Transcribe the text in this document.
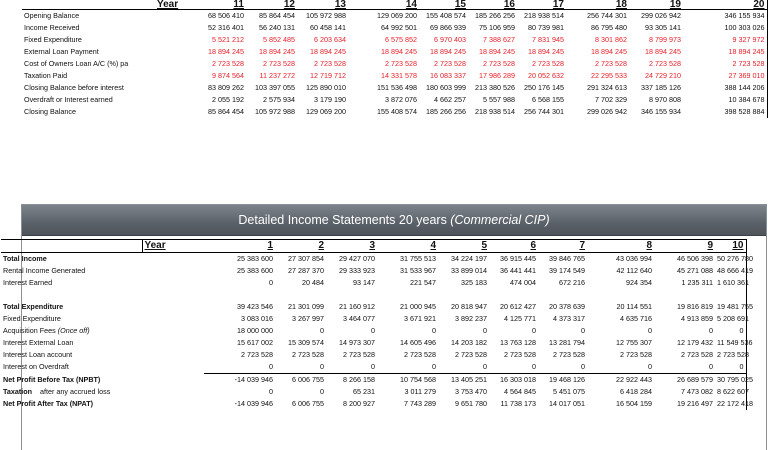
	Year	11	12	13	14	15	16	17	18	19	20
Opening Balance		68 506 410	85 864 454	105 972 988	129 069 200	155 408 574	185 266 256	218 938 514	256 744 301	299 026 942	346 155 934
Income Received		52 316 401	56 240 131	60 458 141	64 992 501	69 866 939	75 106 959	80 739 981	86 795 480	93 305 141	100 303 026
Fixed Expenditure		5 521 212	5 852 485	6 203 634	6 575 852	6 970 403	7 388 627	7 831 945	8 301 862	8 799 973	9 327 972
External Loan Payment		18 894 245	18 894 245	18 894 245	18 894 245	18 894 245	18 894 245	18 894 245	18 894 245	18 894 245	18 894 245
Cost of Owners Loan A/C (%) pa		2 723 528	2 723 528	2 723 528	2 723 528	2 723 528	2 723 528	2 723 528	2 723 528	2 723 528	2 723 528
Taxation Paid		9 874 564	11 237 272	12 719 712	14 331 578	16 083 337	17 986 289	20 052 632	22 295 533	24 729 210	27 369 010
Closing Balance before interest		83 809 262	103 397 055	125 890 010	151 536 498	180 603 999	213 380 526	250 176 145	291 324 613	337 185 126	388 144 206
Overdraft or Interest earned		2 055 192	2 575 934	3 179 190	3 872 076	4 662 257	5 557 988	6 568 155	7 702 329	8 970 808	10 384 678
Closing Balance		85 864 454	105 972 988	129 069 200	155 408 574	185 266 256	218 938 514	256 744 301	299 026 942	346 155 934	398 528 884
Detailed Income Statements 20 years (Commercial CIP)
	Year	1	2	3	4	5	6	7	8	9	10
Total Income		25 383 600	27 307 854	29 427 070	31 755 513	34 224 197	36 915 445	39 846 765	43 036 994	46 506 398	50 276 780
Rental Income Generated		25 383 600	27 287 370	29 333 923	31 533 967	33 899 014	36 441 441	39 174 549	42 112 640	45 271 088	48 666 419
Interest Earned		0	20 484	93 147	221 547	325 183	474 004	672 216	924 354	1 235 311	1 610 361

Total Expenditure		39 423 546	21 301 099	21 160 912	21 000 945	20 818 947	20 612 427	20 378 639	20 114 551	19 816 819	19 481 755
Fixed Expenditure		3 083 016	3 267 997	3 464 077	3 671 921	3 892 237	4 125 771	4 373 317	4 635 716	4 913 859	5 208 691
Acquisition Fees (Once off)		18 000 000	0	0	0	0	0	0	0	0	0
Interest External Loan		15 617 002	15 309 574	14 973 307	14 605 496	14 203 182	13 763 128	13 281 794	12 755 307	12 179 432	11 549 536
Interest Loan account		2 723 528	2 723 528	2 723 528	2 723 528	2 723 528	2 723 528	2 723 528	2 723 528	2 723 528	2 723 528
Interest on Overdraft		0	0	0	0	0	0	0	0	0	0
Net Profit Before Tax (NPBT)		-14 039 946	6 006 755	8 266 158	10 754 568	13 405 251	16 303 018	19 468 126	22 922 443	26 689 579	30 795 025
Taxation    after any accrued loss		0	0	65 231	3 011 279	3 753 470	4 564 845	5 451 075	6 418 284	7 473 082	8 622 607
Net Profit After Tax (NPAT)		-14 039 946	6 006 755	8 200 927	7 743 289	9 651 780	11 738 173	14 017 051	16 504 159	19 216 497	22 172 418
